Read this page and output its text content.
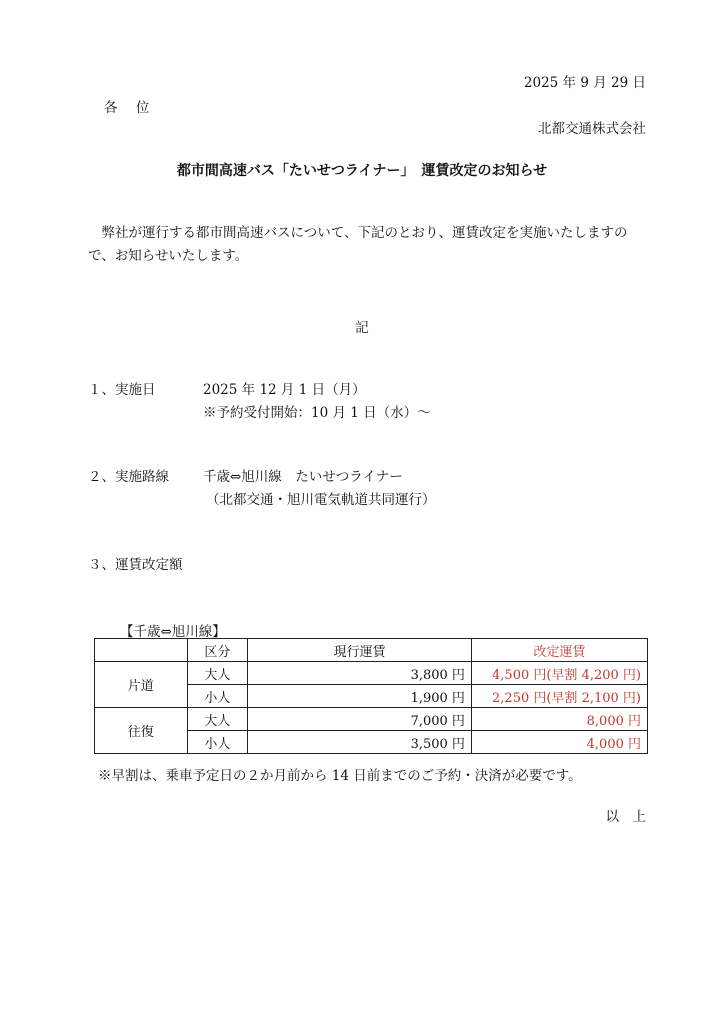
2025 年 9 月 29 日
各　 位
北都交通株式会社
都市間高速バス「たいせつライナー」　運賃改定のお知らせ
　弊社が運行する都市間高速バスについて、下記のとおり、運賃改定を実施いたしますので、お知らせいたします。
記
１、実施日	2025 年 12 月 1 日（月）
※予約受付開始：10 月 1 日（水）～
２、実施路線	千歳⇔旭川線　たいせつライナー
（北都交通・旭川電気軌道共同運行）
３、運賃改定額
【千歳⇔旭川線】
	区分	現行運賃	改定運賃
片道	大人	3,800 円	4,500 円(早割 4,200 円)
	小人	1,900 円	2,250 円(早割 2,100 円)
往復	大人	7,000 円	8,000 円
	小人	3,500 円	4,000 円
※早割は、乗車予定日の２か月前から 14 日前までのご予約・決済が必要です。
以　上
